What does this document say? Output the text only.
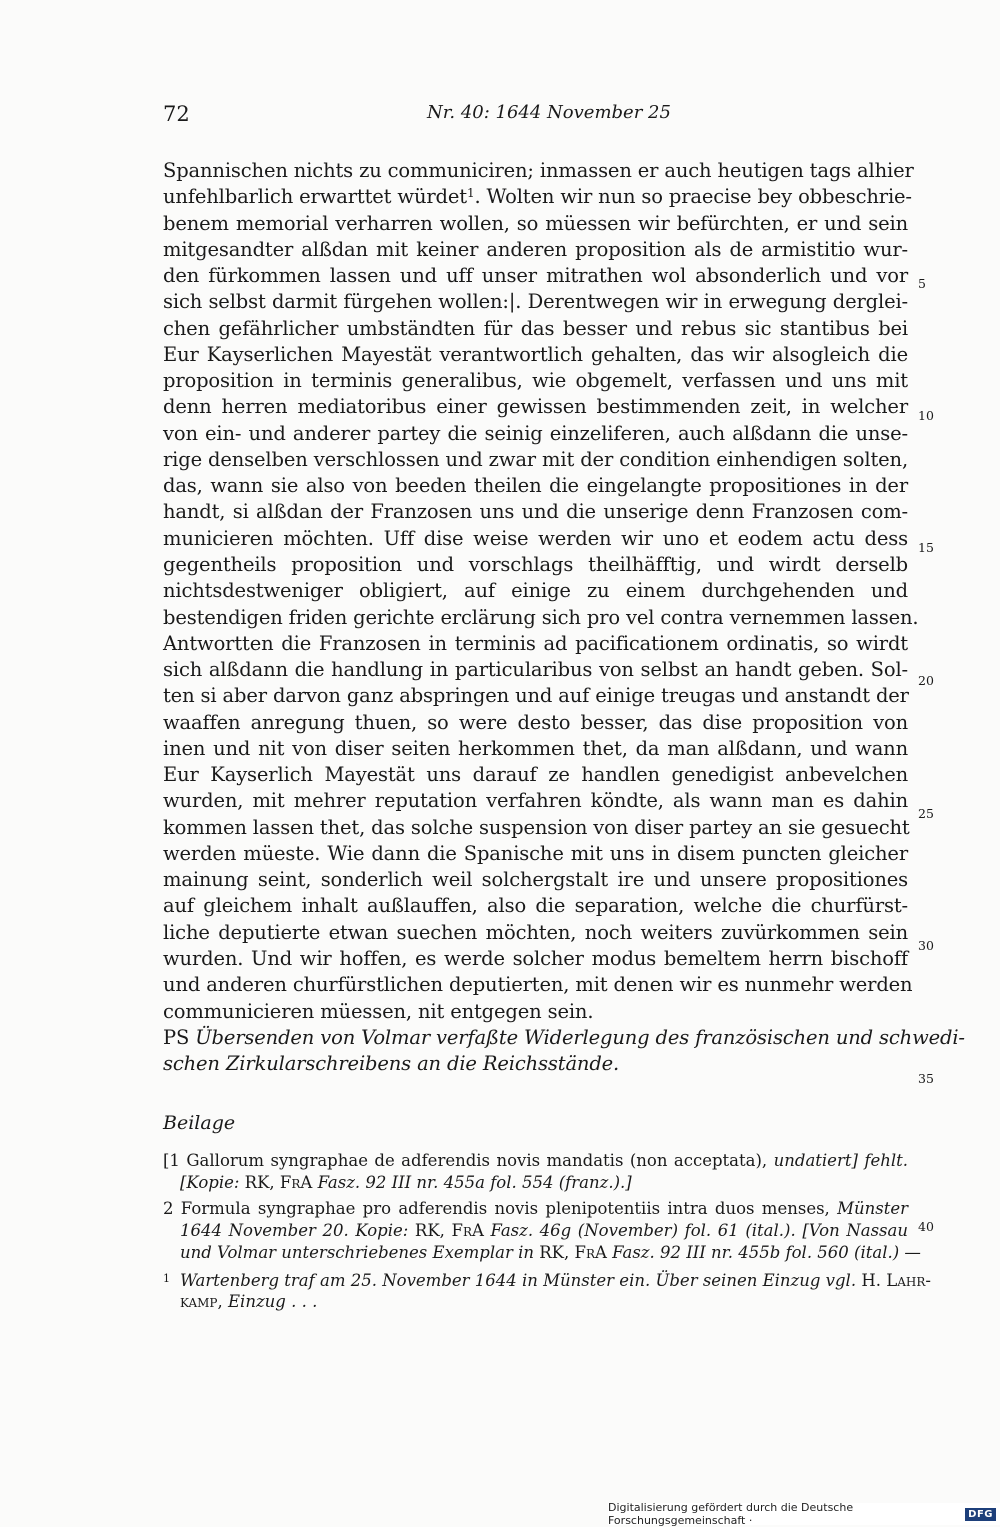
72	Nr. 40: 1644 November 25
Spannischen nichts zu communiciren; inmassen er auch heutigen tags alhier
unfehlbarlich erwarttet würdet$^1$. Wolten wir nun so praecise bey obbeschrie-
benem memorial verharren wollen, so müessen wir befürchten, er und sein
mitgesandter alßdan mit keiner anderen proposition als de armistitio wur-
den fürkommen lassen und uff unser mitrathen wol absonderlich und vor
sich selbst darmit fürgehen wollen:|. Derentwegen wir in erwegung derglei-
chen gefährlicher umbständten für das besser und rebus sic stantibus bei
Eur Kayserlichen Mayestät verantwortlich gehalten, das wir alsogleich die
proposition in terminis generalibus, wie obgemelt, verfassen und uns mit
denn herren mediatoribus einer gewissen bestimmenden zeit, in welcher
von ein- und anderer partey die seinig einzeliferen, auch alßdann die unse-
rige denselben verschlossen und zwar mit der condition einhendigen solten,
das, wann sie also von beeden theilen die eingelangte propositiones in der
handt, si alßdan der Franzosen uns und die unserige denn Franzosen com-
municieren möchten. Uff dise weise werden wir uno et eodem actu dess
gegentheils proposition und vorschlags theilhäfftig, und wirdt derselb
nichtsdestweniger obligiert, auf einige zu einem durchgehenden und
bestendigen friden gerichte erclärung sich pro vel contra vernemmen lassen.
Antwortten die Franzosen in terminis ad pacificationem ordinatis, so wirdt
sich alßdann die handlung in particularibus von selbst an handt geben. Sol-
ten si aber darvon ganz abspringen und auf einige treugas und anstandt der
waaffen anregung thuen, so were desto besser, das dise proposition von
inen und nit von diser seiten herkommen thet, da man alßdann, und wann
Eur Kayserlich Mayestät uns darauf ze handlen genedigist anbevelchen
wurden, mit mehrer reputation verfahren köndte, als wann man es dahin
kommen lassen thet, das solche suspension von diser partey an sie gesuecht
werden müeste. Wie dann die Spanische mit uns in disem puncten gleicher
mainung seint, sonderlich weil solchergstalt ire und unsere propositiones
auf gleichem inhalt außlauffen, also die separation, welche die churfürst-
liche deputierte etwan suechen möchten, noch weiters zuvürkommen sein
wurden. Und wir hoffen, es werde solcher modus bemeltem herrn bischoff
und anderen churfürstlichen deputierten, mit denen wir es nunmehr werden
communicieren müessen, nit entgegen sein.
PS Übersenden von Volmar verfaßte Widerlegung des französischen und schwedi-
schen Zirkularschreibens an die Reichsstände.
5
10
15
20
25
30
35
40
Beilage
[1 Gallorum syngraphae de adferendis novis mandatis (non acceptata), undatiert] fehlt.
[Kopie: RK, FrA Fasz. 92 III nr. 455a fol. 554 (franz.).]
2 Formula syngraphae pro adferendis novis plenipotentiis intra duos menses, Münster
1644 November 20. Kopie: RK, FrA Fasz. 46g (November) fol. 61 (ital.). [Von Nassau
und Volmar unterschriebenes Exemplar in RK, FrA Fasz. 92 III nr. 455b fol. 560 (ital.) —
$^1$ Wartenberg traf am 25. November 1644 in Münster ein. Über seinen Einzug vgl. H. Lahr-
kamp, Einzug . . .
Digitalisierung gefördert durch die Deutsche Forschungsgemeinschaft ·	DFG
